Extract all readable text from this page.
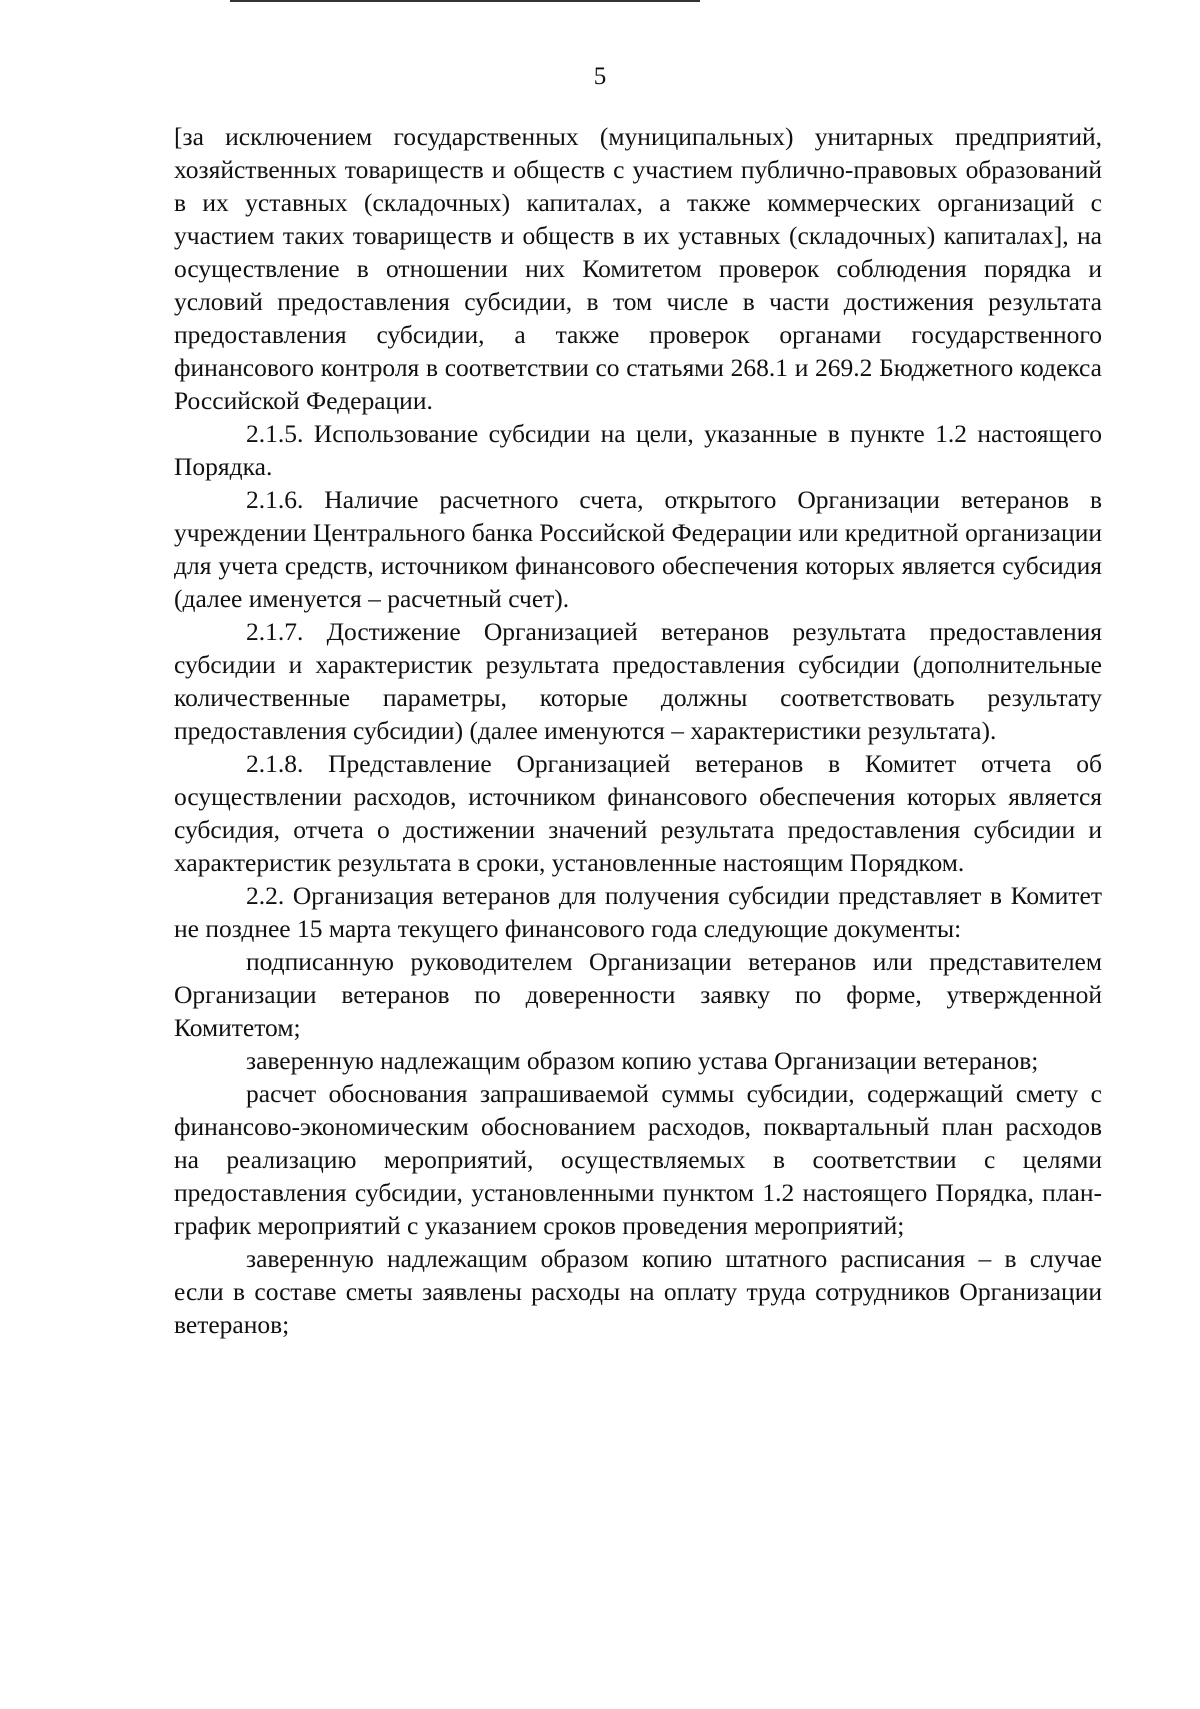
5

[за исключением государственных (муниципальных) унитарных предприятий, хозяйственных товариществ и обществ с участием публично-правовых образований в их уставных (складочных) капиталах, а также коммерческих организаций с участием таких товариществ и обществ в их уставных (складочных) капиталах], на осуществление в отношении них Комитетом проверок соблюдения порядка и условий предоставления субсидии, в том числе в части достижения результата предоставления субсидии, а также проверок органами государственного финансового контроля в соответствии со статьями 268.1 и 269.2 Бюджетного кодекса Российской Федерации.

2.1.5. Использование субсидии на цели, указанные в пункте 1.2 настоящего Порядка.

2.1.6. Наличие расчетного счета, открытого Организации ветеранов в учреждении Центрального банка Российской Федерации или кредитной организации для учета средств, источником финансового обеспечения которых является субсидия (далее именуется – расчетный счет).

2.1.7. Достижение Организацией ветеранов результата предоставления субсидии и характеристик результата предоставления субсидии (дополнительные количественные параметры, которые должны соответствовать результату предоставления субсидии) (далее именуются – характеристики результата).

2.1.8. Представление Организацией ветеранов в Комитет отчета об осуществлении расходов, источником финансового обеспечения которых является субсидия, отчета о достижении значений результата предоставления субсидии и характеристик результата в сроки, установленные настоящим Порядком.

2.2. Организация ветеранов для получения субсидии представляет в Комитет не позднее 15 марта текущего финансового года следующие документы:

подписанную руководителем Организации ветеранов или представителем Организации ветеранов по доверенности заявку по форме, утвержденной Комитетом;

заверенную надлежащим образом копию устава Организации ветеранов;

расчет обоснования запрашиваемой суммы субсидии, содержащий смету с финансово-экономическим обоснованием расходов, поквартальный план расходов на реализацию мероприятий, осуществляемых в соответствии с целями предоставления субсидии, установленными пунктом 1.2 настоящего Порядка, план-график мероприятий с указанием сроков проведения мероприятий;

заверенную надлежащим образом копию штатного расписания – в случае если в составе сметы заявлены расходы на оплату труда сотрудников Организации ветеранов;
